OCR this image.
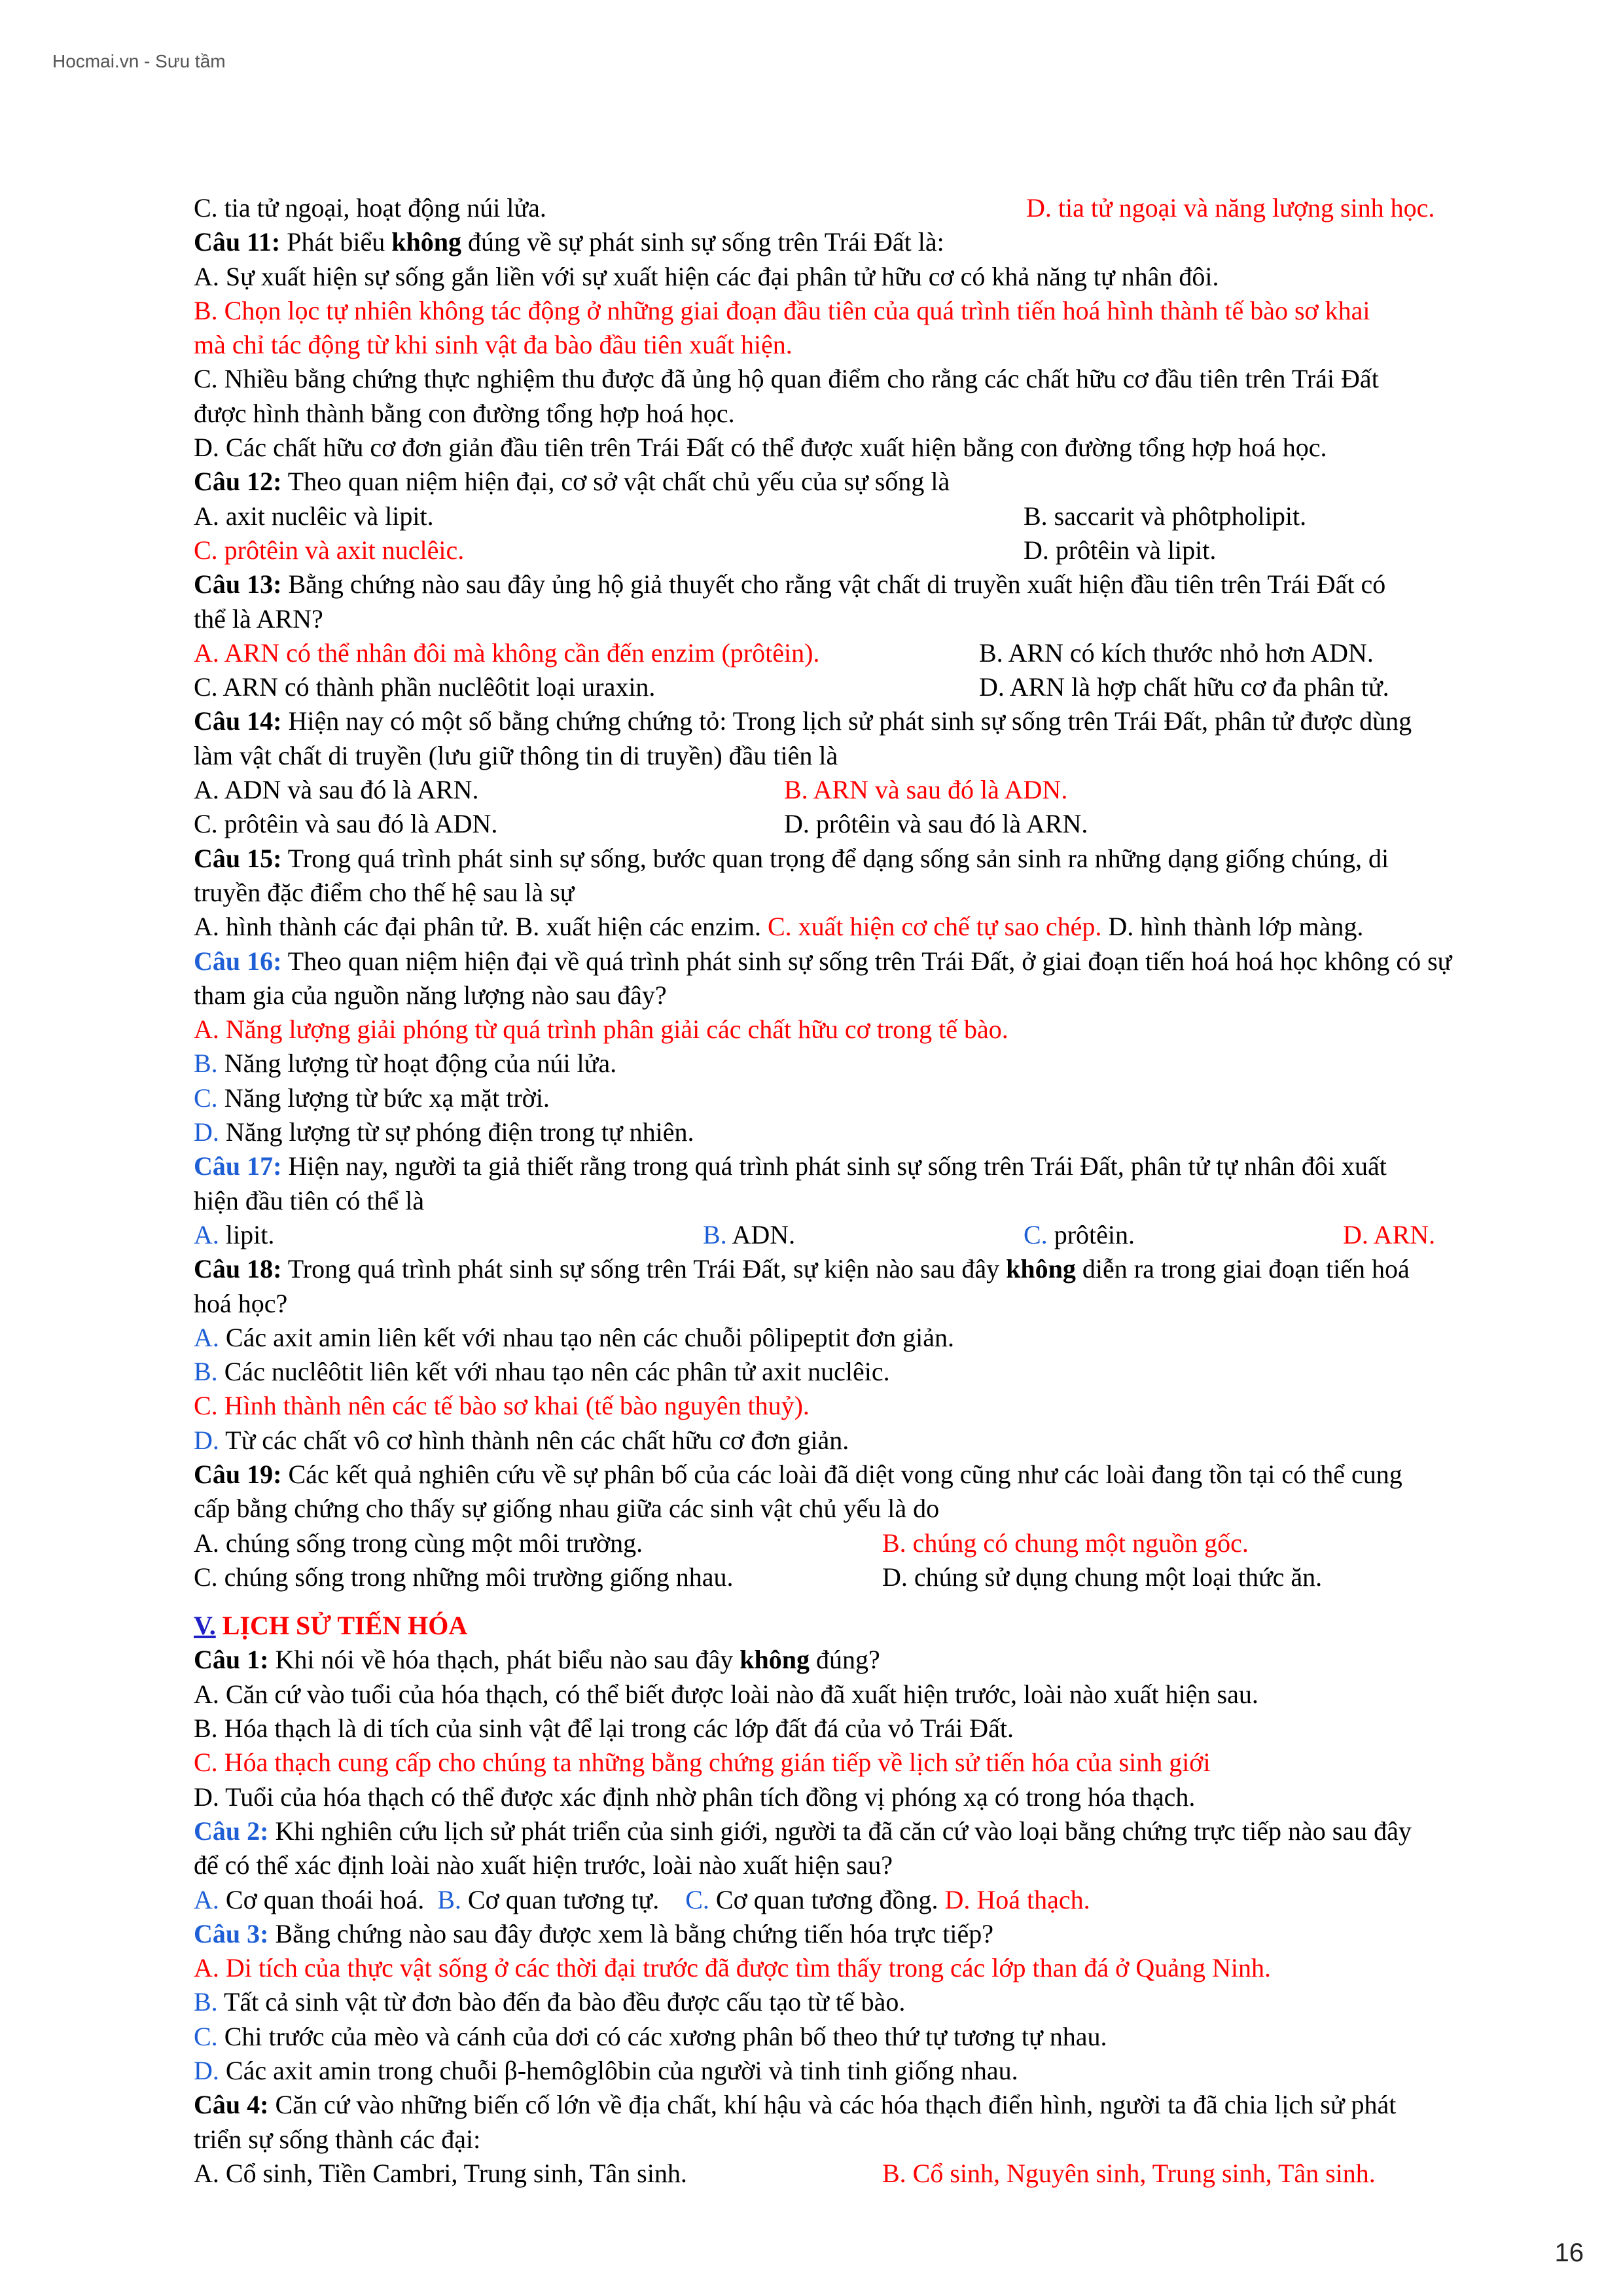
Hocmai.vn - Sưu tầm
C. tia tử ngoại, hoạt động núi lửa.	D. tia tử ngoại và năng lượng sinh học.
Câu 11: Phát biểu không đúng về sự phát sinh sự sống trên Trái Đất là:
A. Sự xuất hiện sự sống gắn liền với sự xuất hiện các đại phân tử hữu cơ có khả năng tự nhân đôi.
B. Chọn lọc tự nhiên không tác động ở những giai đoạn đầu tiên của quá trình tiến hoá hình thành tế bào sơ khai
mà chỉ tác động từ khi sinh vật đa bào đầu tiên xuất hiện.
C. Nhiều bằng chứng thực nghiệm thu được đã ủng hộ quan điểm cho rằng các chất hữu cơ đầu tiên trên Trái Đất
được hình thành bằng con đường tổng hợp hoá học.
D. Các chất hữu cơ đơn giản đầu tiên trên Trái Đất có thể được xuất hiện bằng con đường tổng hợp hoá học.
Câu 12: Theo quan niệm hiện đại, cơ sở vật chất chủ yếu của sự sống là
A. axit nuclêic và lipit.	B. saccarit và phôtpholipit.
C. prôtêin và axit nuclêic.	D. prôtêin và lipit.
Câu 13: Bằng chứng nào sau đây ủng hộ giả thuyết cho rằng vật chất di truyền xuất hiện đầu tiên trên Trái Đất có
thể là ARN?
A. ARN có thể nhân đôi mà không cần đến enzim (prôtêin).	B. ARN có kích thước nhỏ hơn ADN.
C. ARN có thành phần nuclêôtit loại uraxin.	D. ARN là hợp chất hữu cơ đa phân tử.
Câu 14: Hiện nay có một số bằng chứng chứng tỏ: Trong lịch sử phát sinh sự sống trên Trái Đất, phân tử được dùng
làm vật chất di truyền (lưu giữ thông tin di truyền) đầu tiên là
A. ADN và sau đó là ARN.	B. ARN và sau đó là ADN.
C. prôtêin và sau đó là ADN.	D. prôtêin và sau đó là ARN.
Câu 15: Trong quá trình phát sinh sự sống, bước quan trọng để dạng sống sản sinh ra những dạng giống chúng, di
truyền đặc điểm cho thế hệ sau là sự
A. hình thành các đại phân tử. B. xuất hiện các enzim. C. xuất hiện cơ chế tự sao chép. D. hình thành lớp màng.
Câu 16: Theo quan niệm hiện đại về quá trình phát sinh sự sống trên Trái Đất, ở giai đoạn tiến hoá hoá học không có sự
tham gia của nguồn năng lượng nào sau đây?
A. Năng lượng giải phóng từ quá trình phân giải các chất hữu cơ trong tế bào.
B. Năng lượng từ hoạt động của núi lửa.
C. Năng lượng từ bức xạ mặt trời.
D. Năng lượng từ sự phóng điện trong tự nhiên.
Câu 17: Hiện nay, người ta giả thiết rằng trong quá trình phát sinh sự sống trên Trái Đất, phân tử tự nhân đôi xuất
hiện đầu tiên có thể là
A. lipit.	B. ADN.	C. prôtêin.	D. ARN.
Câu 18: Trong quá trình phát sinh sự sống trên Trái Đất, sự kiện nào sau đây không diễn ra trong giai đoạn tiến hoá
hoá học?
A. Các axit amin liên kết với nhau tạo nên các chuỗi pôlipeptit đơn giản.
B. Các nuclêôtit liên kết với nhau tạo nên các phân tử axit nuclêic.
C. Hình thành nên các tế bào sơ khai (tế bào nguyên thuỷ).
D. Từ các chất vô cơ hình thành nên các chất hữu cơ đơn giản.
Câu 19: Các kết quả nghiên cứu về sự phân bố của các loài đã diệt vong cũng như các loài đang tồn tại có thể cung
cấp bằng chứng cho thấy sự giống nhau giữa các sinh vật chủ yếu là do
A. chúng sống trong cùng một môi trường.	B. chúng có chung một nguồn gốc.
C. chúng sống trong những môi trường giống nhau.	D. chúng sử dụng chung một loại thức ăn.
V. LỊCH SỬ TIẾN HÓA
Câu 1: Khi nói về hóa thạch, phát biểu nào sau đây không đúng?
A. Căn cứ vào tuổi của hóa thạch, có thể biết được loài nào đã xuất hiện trước, loài nào xuất hiện sau.
B. Hóa thạch là di tích của sinh vật để lại trong các lớp đất đá của vỏ Trái Đất.
C. Hóa thạch cung cấp cho chúng ta những bằng chứng gián tiếp về lịch sử tiến hóa của sinh giới
D. Tuổi của hóa thạch có thể được xác định nhờ phân tích đồng vị phóng xạ có trong hóa thạch.
Câu 2: Khi nghiên cứu lịch sử phát triển của sinh giới, người ta đã căn cứ vào loại bằng chứng trực tiếp nào sau đây
để có thể xác định loài nào xuất hiện trước, loài nào xuất hiện sau?
A. Cơ quan thoái hoá.  B. Cơ quan tương tự.    C. Cơ quan tương đồng. D. Hoá thạch.
Câu 3: Bằng chứng nào sau đây được xem là bằng chứng tiến hóa trực tiếp?
A. Di tích của thực vật sống ở các thời đại trước đã được tìm thấy trong các lớp than đá ở Quảng Ninh.
B. Tất cả sinh vật từ đơn bào đến đa bào đều được cấu tạo từ tế bào.
C. Chi trước của mèo và cánh của dơi có các xương phân bố theo thứ tự tương tự nhau.
D. Các axit amin trong chuỗi β-hemôglôbin của người và tinh tinh giống nhau.
Câu 4: Căn cứ vào những biến cố lớn về địa chất, khí hậu và các hóa thạch điển hình, người ta đã chia lịch sử phát
triển sự sống thành các đại:
A. Cổ sinh, Tiền Cambri, Trung sinh, Tân sinh.	B. Cổ sinh, Nguyên sinh, Trung sinh, Tân sinh.
16
